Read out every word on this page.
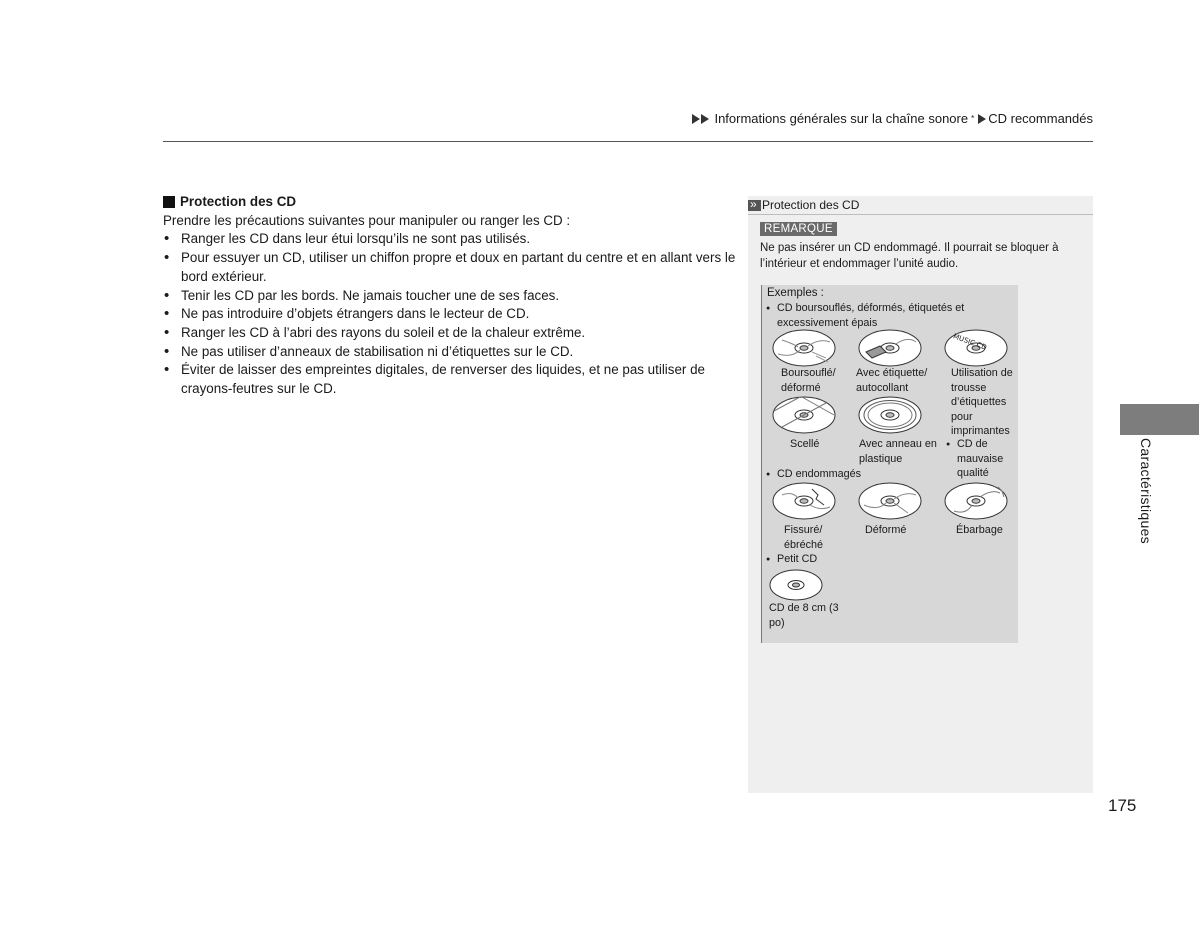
Informations générales sur la chaîne sonore * CD recommandés
Protection des CD
Prendre les précautions suivantes pour manipuler ou ranger les CD :
• Ranger les CD dans leur étui lorsqu’ils ne sont pas utilisés.
• Pour essuyer un CD, utiliser un chiffon propre et doux en partant du centre et en allant vers le bord extérieur.
• Tenir les CD par les bords. Ne jamais toucher une de ses faces.
• Ne pas introduire d’objets étrangers dans le lecteur de CD.
• Ranger les CD à l’abri des rayons du soleil et de la chaleur extrême.
• Ne pas utiliser d’anneaux de stabilisation ni d’étiquettes sur le CD.
• Éviter de laisser des empreintes digitales, de renverser des liquides, et ne pas utiliser de crayons-feutres sur le CD.
»
Protection des CD
REMARQUE
Ne pas insérer un CD endommagé. Il pourrait se bloquer à l’intérieur et endommager l’unité audio.
Exemples :
● CD boursouflés, déformés, étiquetés et excessivement épais
MUSIC CD
Boursouflé/ déformé
Avec étiquette/ autocollant
Utilisation de trousse d’étiquettes pour imprimantes
Scellé	Avec anneau en plastique
● CD de mauvaise qualité
● CD endommagés
Fissuré/ ébréché
Déformé	Ébarbage
● Petit CD
CD de 8 cm (3 po)
Caractéristiques
175
